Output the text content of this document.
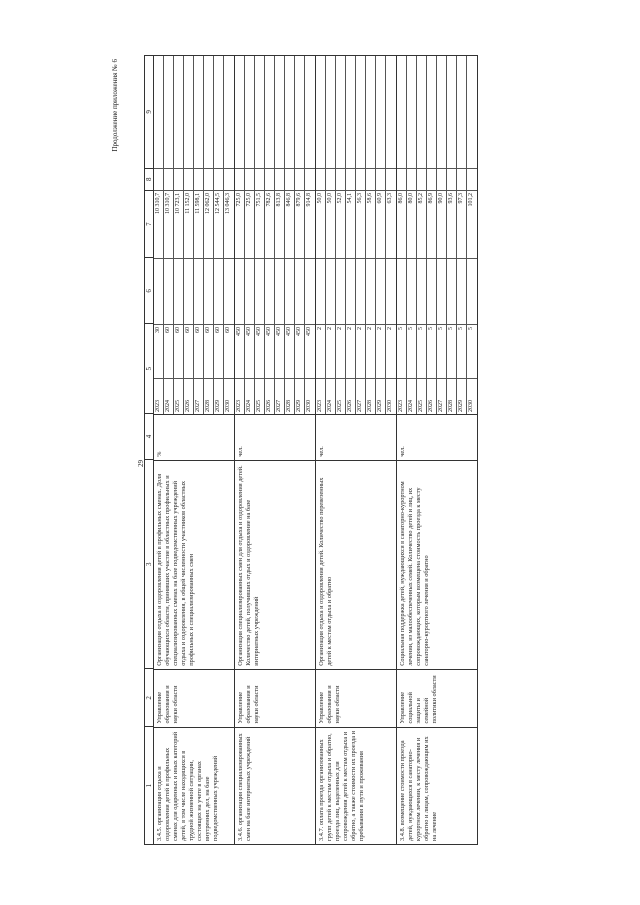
Продолжение приложения № 6
29
1
2
3
4
5
6
7
8
9
3.4.5. организация отдыха и оздоровления детей в профильных сменах для одаренных и иных категорий детей, в том числе находящихся в трудной жизненной ситуации, состоящих на учете в органах внутренних дел, на базе подведомственных учреждений
Управление образования и науки области
Организация отдыха и оздоровления детей в профильных сменах. Доля обучающихся области, принявших участие в областных профильных и специализированных сменах на базе подведомственных учреждений отдыха и оздоровления, в общей численности участников областных профильных и специализированных смен
%
2023
30
10 310,7
2024
60
10 310,7
2025
60
10 723,1
2026
60
11 152,0
2027
60
11 598,1
2028
60
12 062,0
2029
60
12 544,5
2030
60
13 046,3
3.4.6. организация специализированных смен на базе интернатных учреждений
Управление образования и науки области
Организация специализированных смен для отдыха и оздоровления детей. Количество детей, получивших отдых и оздоровление на базе интернатных учреждений
чел.
2023
450
725,0
2024
450
725,0
2025
450
751,5
2026
450
782,6
2027
450
813,8
2028
450
846,8
2029
450
879,6
2030
450
914,8
3.4.7. оплата проезда организованных групп детей к местам отдыха и обратно, проезда лиц, выделенных для сопровождения детей к местам отдыха и обратно, а также стоимости их проезда и пребывания в пути и проживания
Управление образования и науки области
Организация отдыха и оздоровления детей. Количество перевезенных детей к местам отдыха и обратно
чел.
2023
2
50,0
2024
2
50,0
2025
2
52,0
2026
2
54,1
2027
2
56,3
2028
2
58,6
2029
2
60,9
2030
2
63,3
3.4.8. возмещение стоимости проезда детей, нуждающихся в санаторно-курортном лечении, к месту лечения и обратно и лицам, сопровождающим их на лечение
Управление социальной защиты и семейной политики области
Социальная поддержка детей, нуждающихся в санаторно-курортном лечении, из малообеспеченных семей. Количество детей и лиц, их сопровождающих, которым возмещена стоимость проезда к месту санаторно-курортного лечения и обратно
чел.
2023
5
86,0
2024
5
80,0
2025
5
85,2
2026
5
86,9
2027
5
90,0
2028
5
93,6
2029
5
97,3
2030
5
101,2
